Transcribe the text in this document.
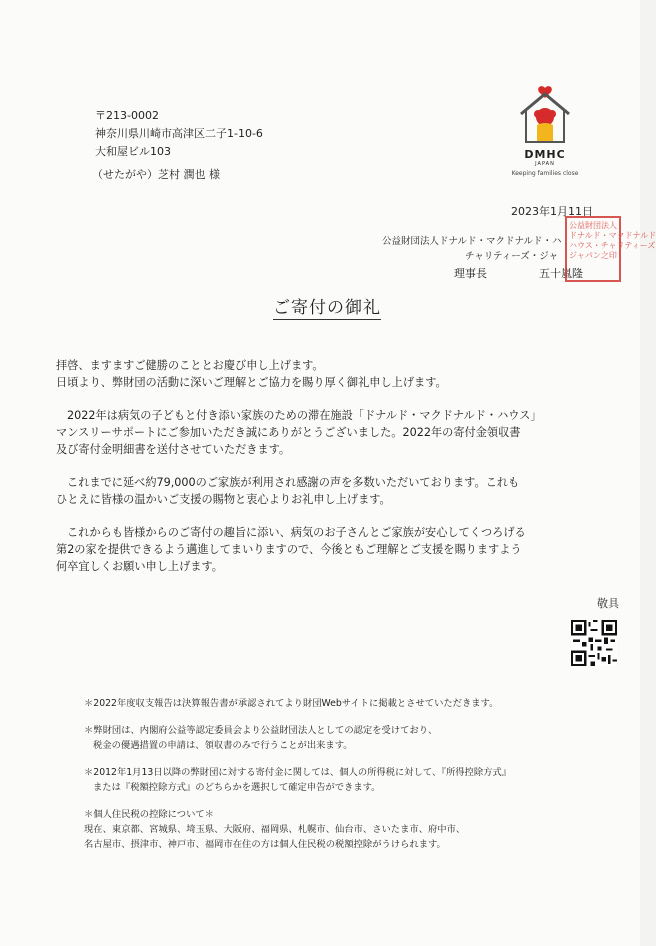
〒213-0002
神奈川県川崎市高津区二子1-10-6
大和屋ビル103
（せたがや）芝村 潤也 様
DMHC
JAPAN
Keeping families close
2023年1月11日
公益財団法人ドナルド・マクドナルド・ハ
チャリティーズ・ジャ
理事長	五十嵐隆
公益財団法人
ドナルド・マクドナルド
ハウス・チャリティーズ
ジャパン之印
ご寄付の御礼

拝啓、ますますご健勝のこととお慶び申し上げます。

日頃より、弊財団の活動に深いご理解とご協力を賜り厚く御礼申し上げます。

2022年は病気の子どもと付き添い家族のための滞在施設「ドナルド・マクドナルド・ハウス」

マンスリーサポートにご参加いただき誠にありがとうございました。2022年の寄付金領収書

及び寄付金明細書を送付させていただきます。

これまでに延べ約79,000のご家族が利用され感謝の声を多数いただいております。これも

ひとえに皆様の温かいご支援の賜物と衷心よりお礼申し上げます。

これからも皆様からのご寄付の趣旨に添い、病気のお子さんとご家族が安心してくつろげる

第2の家を提供できるよう邁進してまいりますので、今後ともご理解とご支援を賜りますよう

何卒宜しくお願い申し上げます。

敬具

＊2022年度収支報告は決算報告書が承認されてより財団Webサイトに掲載とさせていただきます。

＊弊財団は、内閣府公益等認定委員会より公益財団法人としての認定を受けており、

税金の優遇措置の申請は、領収書のみで行うことが出来ます。

＊2012年1月13日以降の弊財団に対する寄付金に関しては、個人の所得税に対して、『所得控除方式』

または『税額控除方式』のどちらかを選択して確定申告ができます。

＊個人住民税の控除について＊

現在、東京都、宮城県、埼玉県、大阪府、福岡県、札幌市、仙台市、さいたま市、府中市、

名古屋市、摂津市、神戸市、福岡市在住の方は個人住民税の税額控除がうけられます。
